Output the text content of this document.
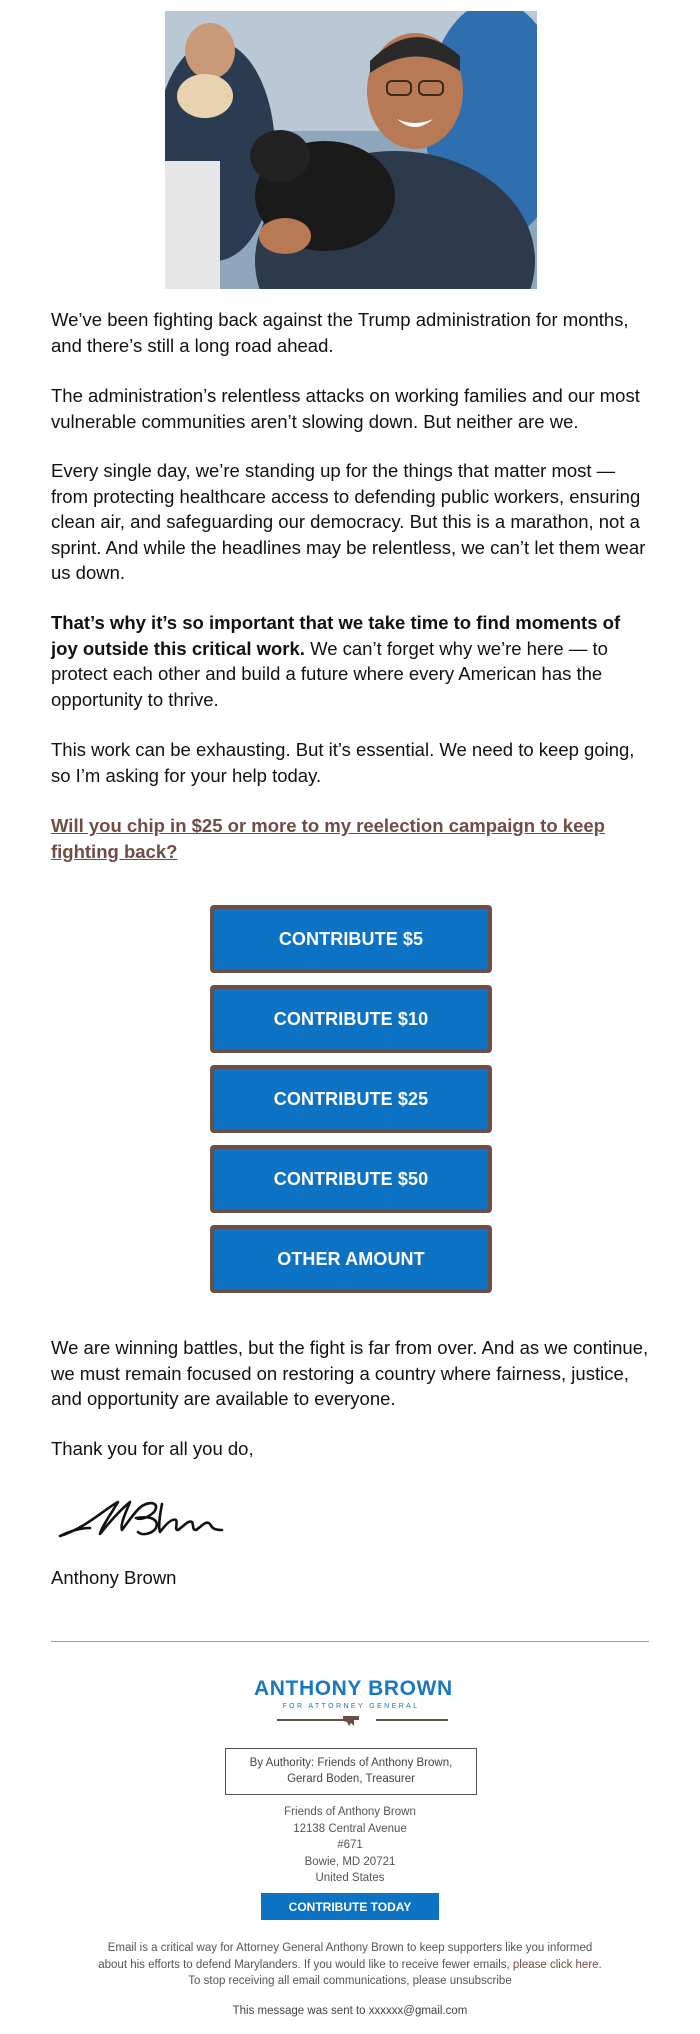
We’ve been fighting back against the Trump administration for months, and there’s still a long road ahead.

The administration’s relentless attacks on working families and our most vulnerable communities aren’t slowing down. But neither are we.

Every single day, we’re standing up for the things that matter most — from protecting healthcare access to defending public workers, ensuring clean air, and safeguarding our democracy. But this is a marathon, not a sprint. And while the headlines may be relentless, we can’t let them wear us down.

That’s why it’s so important that we take time to find moments of joy outside this critical work. We can’t forget why we’re here — to protect each other and build a future where every American has the opportunity to thrive.

This work can be exhausting. But it’s essential. We need to keep going, so I’m asking for your help today.

Will you chip in $25 or more to my reelection campaign to keep fighting back?
CONTRIBUTE $5
CONTRIBUTE $10
CONTRIBUTE $25
CONTRIBUTE $50
OTHER AMOUNT

We are winning battles, but the fight is far from over. And as we continue, we must remain focused on restoring a country where fairness, justice, and opportunity are available to everyone.

Thank you for all you do,

Anthony Brown

ANTHONY BROWN
FOR ATTORNEY GENERAL
By Authority: Friends of Anthony Brown,
Gerard Boden, Treasurer
Friends of Anthony Brown
12138 Central Avenue
#671
Bowie, MD 20721
United States
CONTRIBUTE TODAY
Email is a critical way for Attorney General Anthony Brown to keep supporters like you informed
about his efforts to defend Marylanders. If you would like to receive fewer emails, please click here.
To stop receiving all email communications, please unsubscribe
This message was sent to xxxxxx@gmail.com
